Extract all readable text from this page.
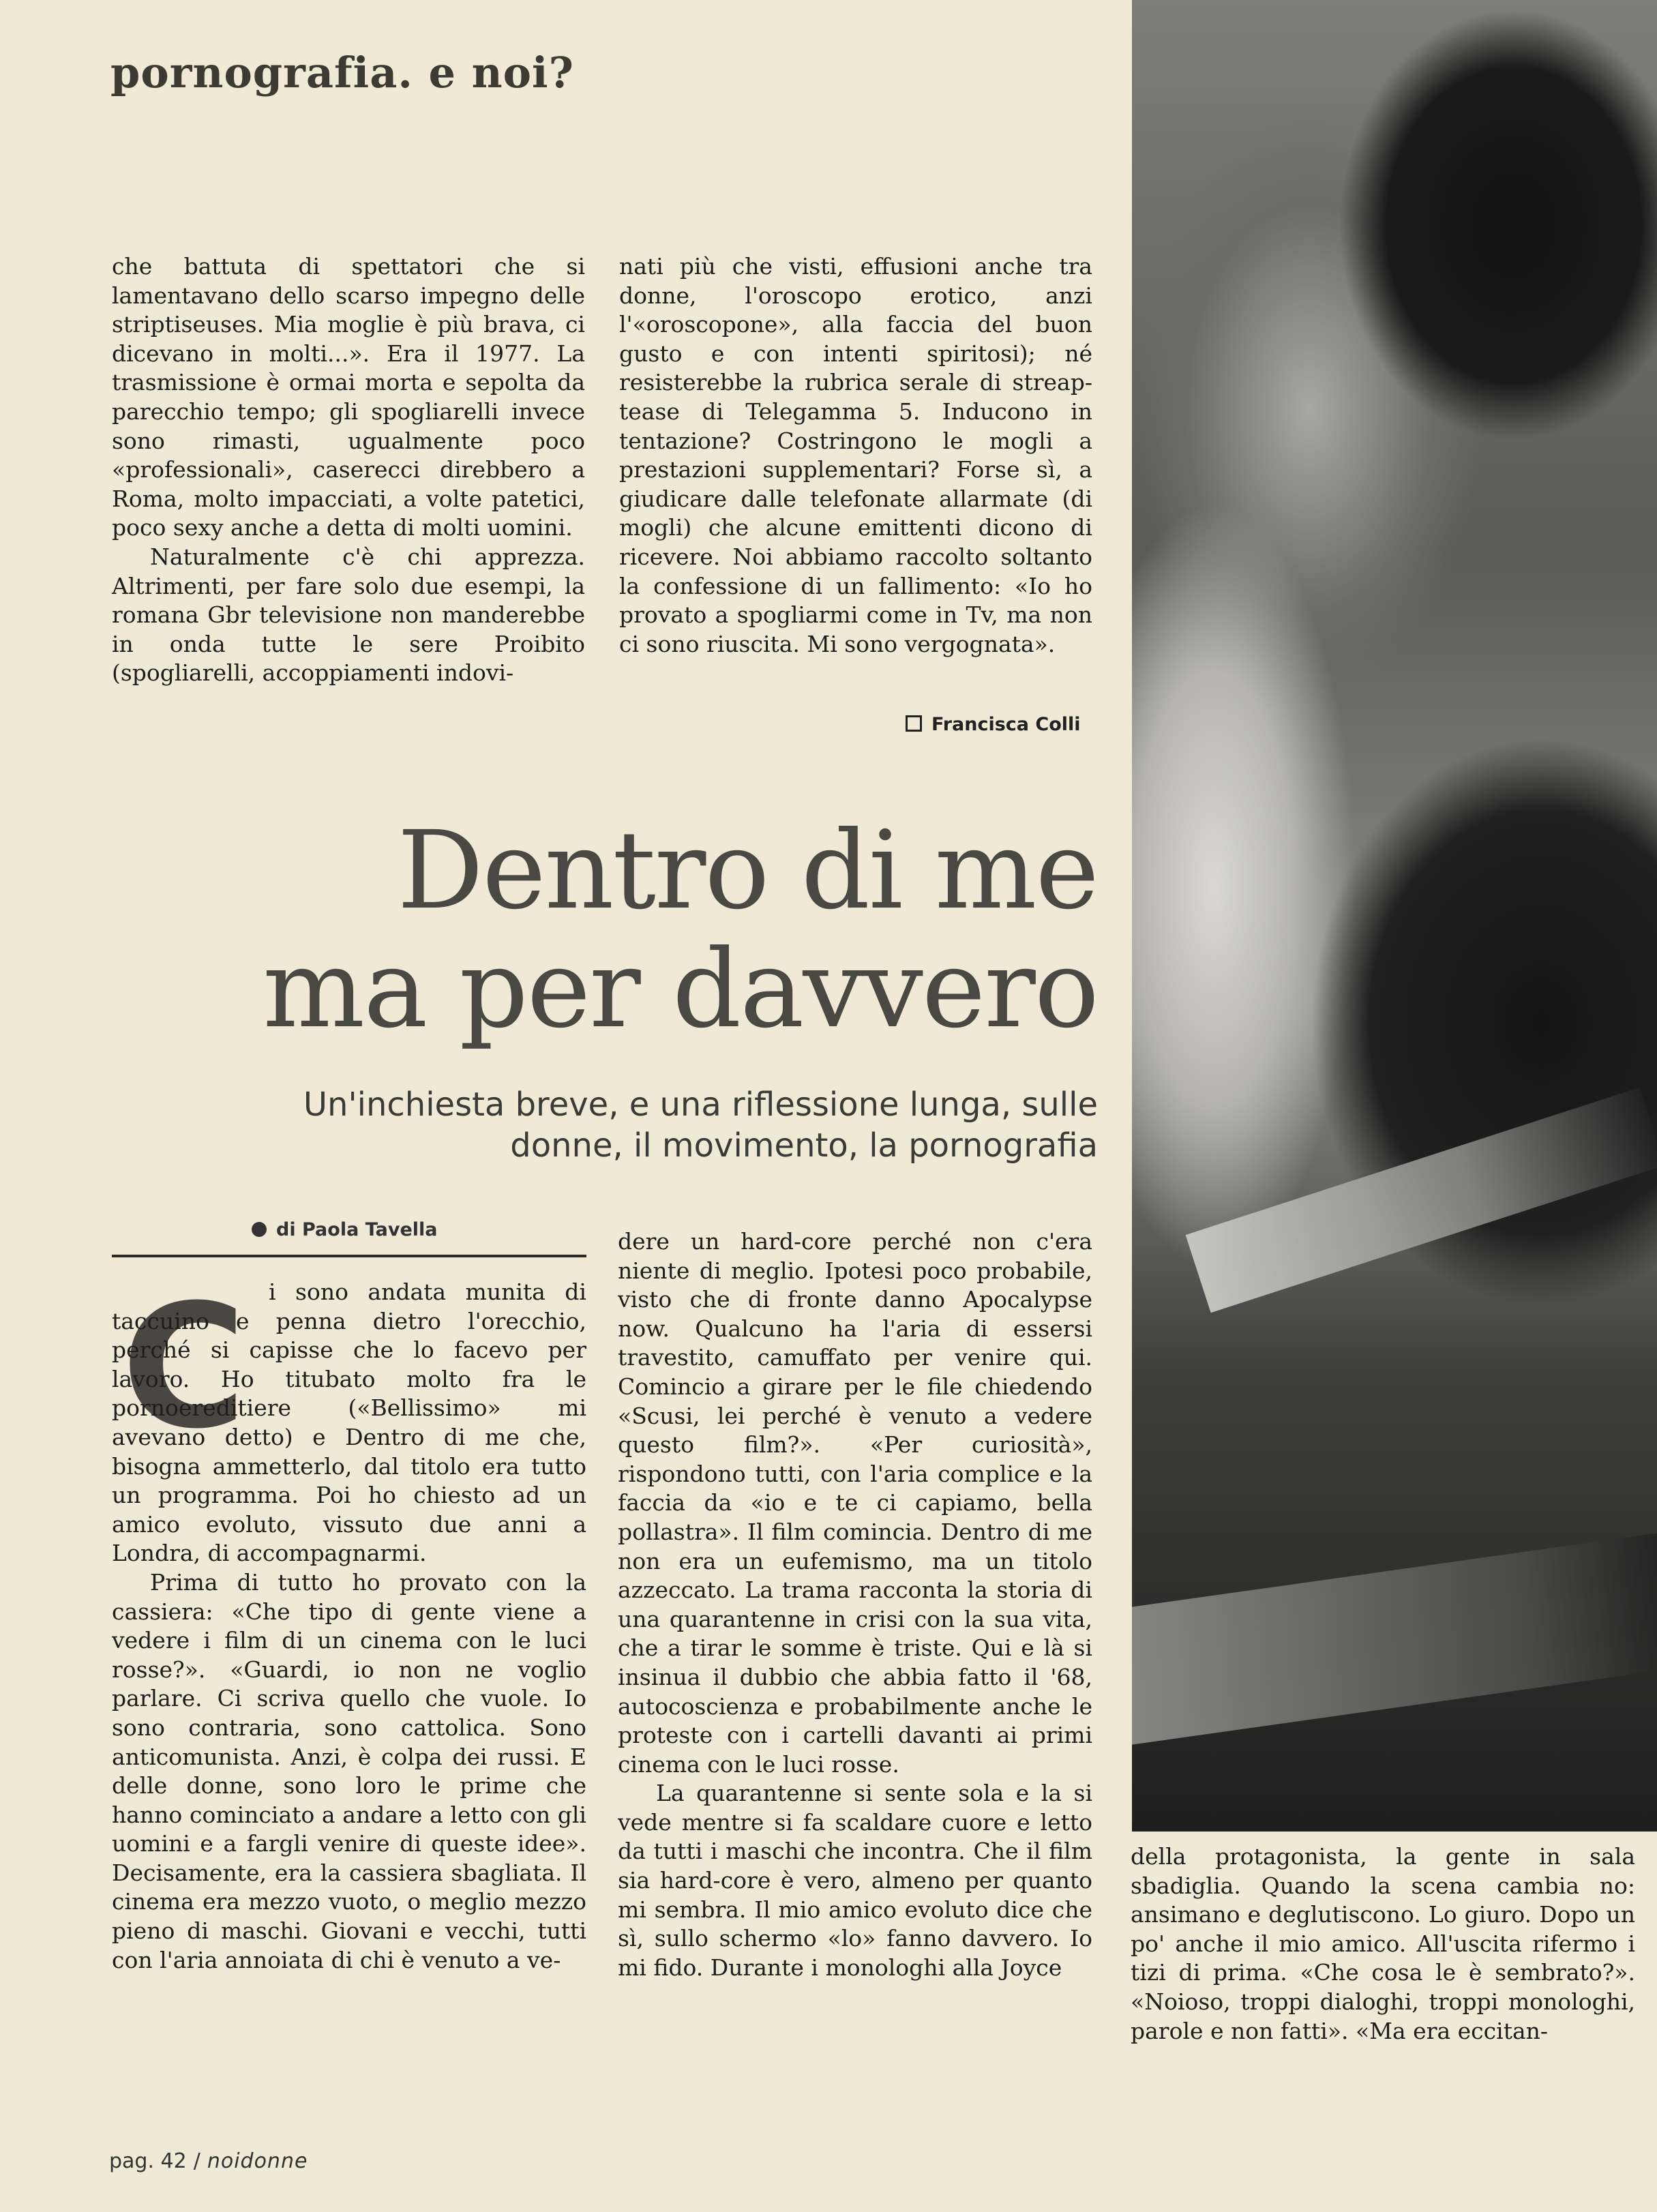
pornografia. e noi?

che battuta di spettatori che si lamentavano dello scarso impegno delle striptiseuses. Mia moglie è più brava, ci dicevano in molti...». Era il 1977. La trasmissione è ormai morta e sepolta da parecchio tempo; gli spogliarelli invece sono rimasti, ugualmente poco «professionali», casereccі direbbero a Roma, molto impacciati, a volte patetici, poco sexy anche a detta di molti uomini.

Naturalmente c'è chi apprezza. Altrimenti, per fare solo due esempi, la romana Gbr televisione non manderebbe in onda tutte le sere Proibito (spogliarelli, accoppiamenti indovi-

nati più che visti, effusioni anche tra donne, l'oroscopo erotico, anzi l'«oroscopone», alla faccia del buon gusto e con intenti spiritosi); né resisterebbe la rubrica serale di streap-tease di Telegamma 5. Inducono in tentazione? Costringono le mogli a prestazioni supplementari? Forse sì, a giudicare dalle telefonate allarmate (di mogli) che alcune emittenti dicono di ricevere. Noi abbiamo raccolto soltanto la confessione di un fallimento: «Io ho provato a spogliarmi come in Tv, ma non ci sono riuscita. Mi sono vergognata».

Francisca Colli
Dentro di me
ma per davvero
Un'inchiesta breve, e una riflessione lunga, sulle
donne, il movimento, la pornografia
di Paola Tavella
C i sono andata munita di taccuino e penna dietro l'orecchio, perché si capisse che lo facevo per lavoro. Ho titubato molto fra le pornoereditiere («Bellissimo» mi avevano detto) e Dentro di me che, bisogna ammetterlo, dal titolo era tutto un programma. Poi ho chiesto ad un amico evoluto, vissuto due anni a Londra, di accompagnarmi.

Prima di tutto ho provato con la cassiera: «Che tipo di gente viene a vedere i film di un cinema con le luci rosse?». «Guardi, io non ne voglio parlare. Ci scriva quello che vuole. Io sono contraria, sono cattolica. Sono anticomunista. Anzi, è colpa dei russi. E delle donne, sono loro le prime che hanno cominciato a andare a letto con gli uomini e a fargli venire di queste idee». Decisamente, era la cassiera sbagliata. Il cinema era mezzo vuoto, o meglio mezzo pieno di maschi. Giovani e vecchi, tutti con l'aria annoiata di chi è venuto a ve-

dere un hard-core perché non c'era niente di meglio. Ipotesi poco probabile, visto che di fronte danno Apocalypse now. Qualcuno ha l'aria di essersi travestito, camuffato per venire qui. Comincio a girare per le file chiedendo «Scusi, lei perché è venuto a vedere questo film?». «Per curiosità», rispondono tutti, con l'aria complice e la faccia da «io e te ci capiamo, bella pollastra». Il film comincia. Dentro di me non era un eufemismo, ma un titolo azzeccato. La trama racconta la storia di una quarantenne in crisi con la sua vita, che a tirar le somme è triste. Qui e là si insinua il dubbio che abbia fatto il '68, autocoscienza e probabilmente anche le proteste con i cartelli davanti ai primi cinema con le luci rosse.

La quarantenne si sente sola e la si vede mentre si fa scaldare cuore e letto da tutti i maschi che incontra. Che il film sia hard-core è vero, almeno per quanto mi sembra. Il mio amico evoluto dice che sì, sullo schermo «lo» fanno davvero. Io mi fido. Durante i monologhi alla Joyce

della protagonista, la gente in sala sbadiglia. Quando la scena cambia no: ansimano e deglutiscono. Lo giuro. Dopo un po' anche il mio amico. All'uscita rifermo i tizi di prima. «Che cosa le è sembrato?». «Noioso, troppi dialoghi, troppi monologhi, parole e non fatti». «Ma era eccitan-

pag. 42 / noidonne
